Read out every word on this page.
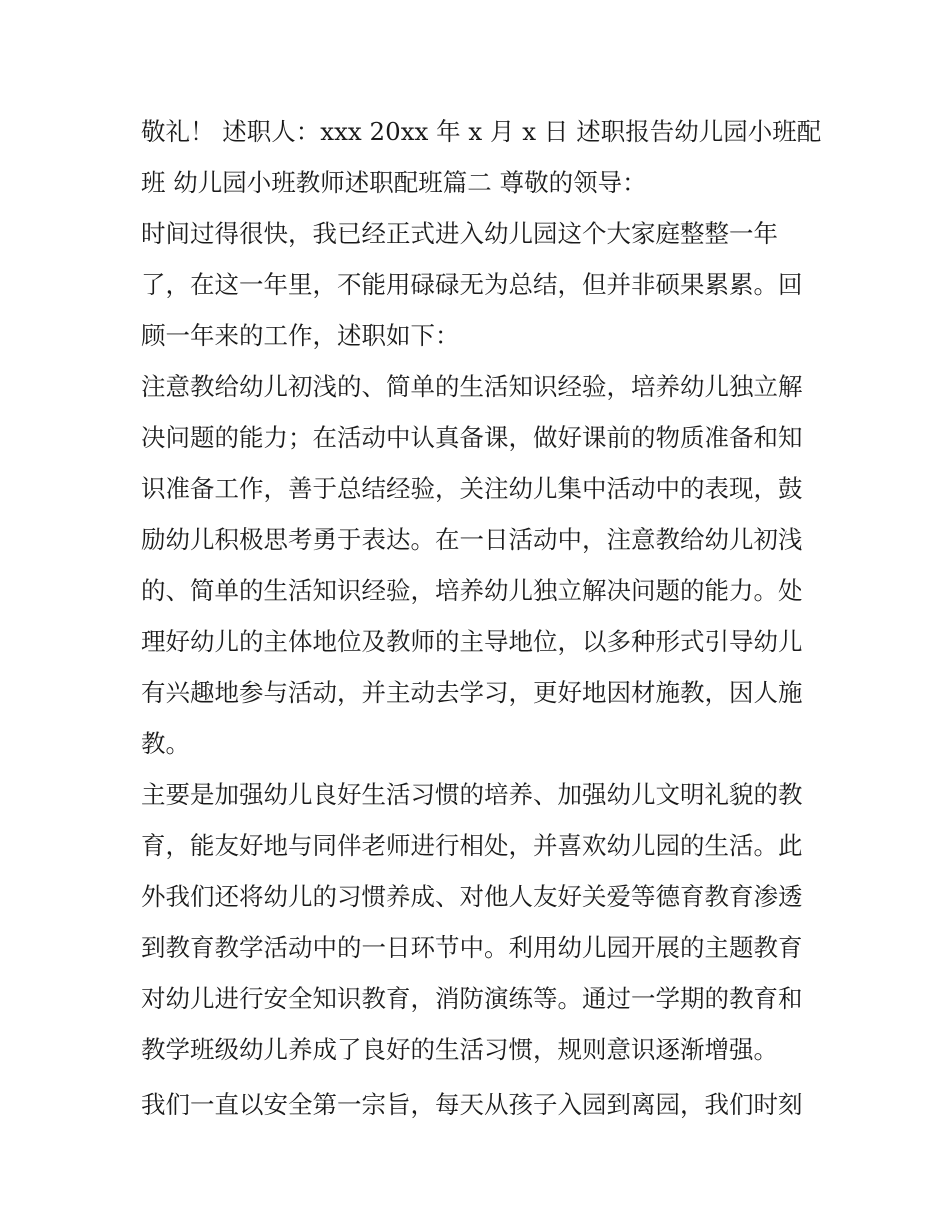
敬礼！ 述职人：xxx 20xx 年 x 月 x 日 述职报告幼儿园小班配
班 幼儿园小班教师述职配班篇二 尊敬的领导：

时间过得很快，我已经正式进入幼儿园这个大家庭整整一年
了，在这一年里，不能用碌碌无为总结，但并非硕果累累。回
顾一年来的工作，述职如下：

注意教给幼儿初浅的、简单的生活知识经验，培养幼儿独立解
决问题的能力；在活动中认真备课，做好课前的物质准备和知
识准备工作，善于总结经验，关注幼儿集中活动中的表现，鼓
励幼儿积极思考勇于表达。在一日活动中，注意教给幼儿初浅
的、简单的生活知识经验，培养幼儿独立解决问题的能力。处
理好幼儿的主体地位及教师的主导地位，以多种形式引导幼儿
有兴趣地参与活动，并主动去学习，更好地因材施教，因人施
教。

主要是加强幼儿良好生活习惯的培养、加强幼儿文明礼貌的教
育，能友好地与同伴老师进行相处，并喜欢幼儿园的生活。此
外我们还将幼儿的习惯养成、对他人友好关爱等德育教育渗透
到教育教学活动中的一日环节中。利用幼儿园开展的主题教育
对幼儿进行安全知识教育，消防演练等。通过一学期的教育和
教学班级幼儿养成了良好的生活习惯，规则意识逐渐增强。

我们一直以安全第一宗旨，每天从孩子入园到离园，我们时刻
